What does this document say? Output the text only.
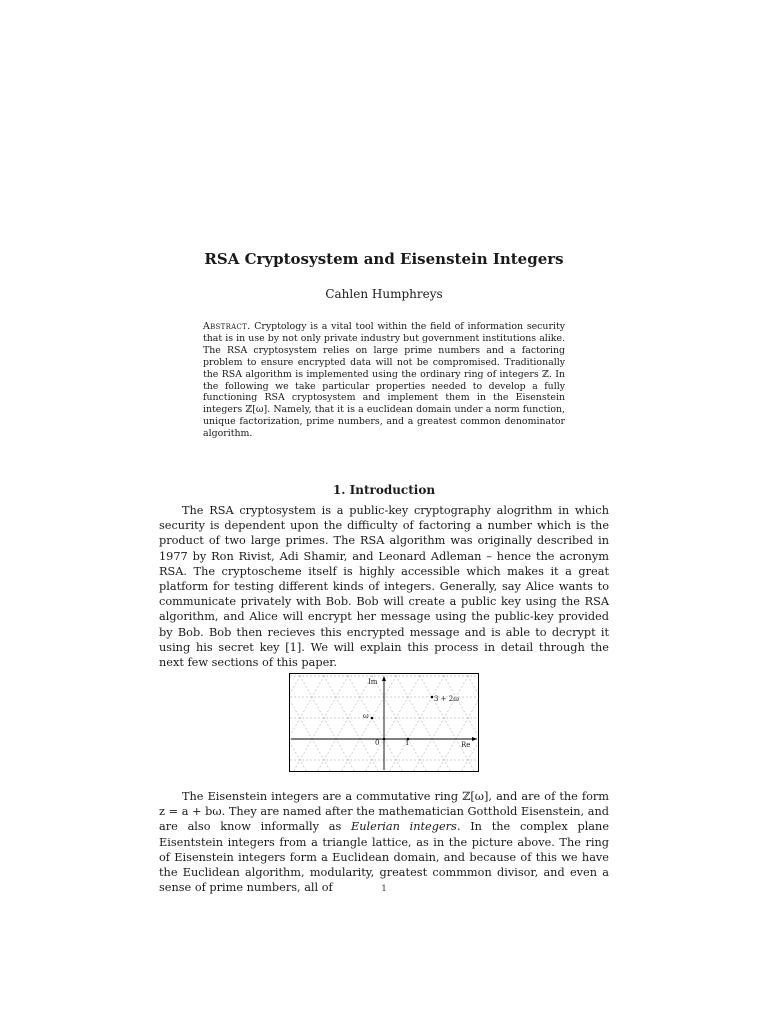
RSA Cryptosystem and Eisenstein Integers
Cahlen Humphreys
Abstract. Cryptology is a vital tool within the field of information security that is in use by not only private industry but government institutions alike. The RSA cryptosystem relies on large prime numbers and a factoring problem to ensure encrypted data will not be compromised. Traditionally the RSA algorithm is implemented using the ordinary ring of integers ℤ. In the following we take particular properties needed to develop a fully functioning RSA cryptosystem and implement them in the Eisenstein integers ℤ[ω]. Namely, that it is a euclidean domain under a norm function, unique factorization, prime numbers, and a greatest common denominator algorithm.
1. Introduction
The RSA cryptosystem is a public-key cryptography alogrithm in which security is dependent upon the difficulty of factoring a number which is the product of two large primes. The RSA algorithm was originally described in 1977 by Ron Rivist, Adi Shamir, and Leonard Adleman – hence the acronym RSA. The cryptoscheme itself is highly accessible which makes it a great platform for testing different kinds of integers. Generally, say Alice wants to communicate privately with Bob. Bob will create a public key using the RSA algorithm, and Alice will encrypt her message using the public-key provided by Bob. Bob then recieves this encrypted message and is able to decrypt it using his secret key [1]. We will explain this process in detail through the next few sections of this paper.
Im
Re
0	1
ω
3 + 2ω
The Eisenstein integers are a commutative ring ℤ[ω], and are of the form z = a + bω. They are named after the mathematician Gotthold Eisenstein, and are also know informally as Eulerian integers. In the complex plane Eisentstein integers from a triangle lattice, as in the picture above. The ring of Eisenstein integers form a Euclidean domain, and because of this we have the Euclidean algorithm, modularity, greatest commmon divisor, and even a sense of prime numbers, all of	1
